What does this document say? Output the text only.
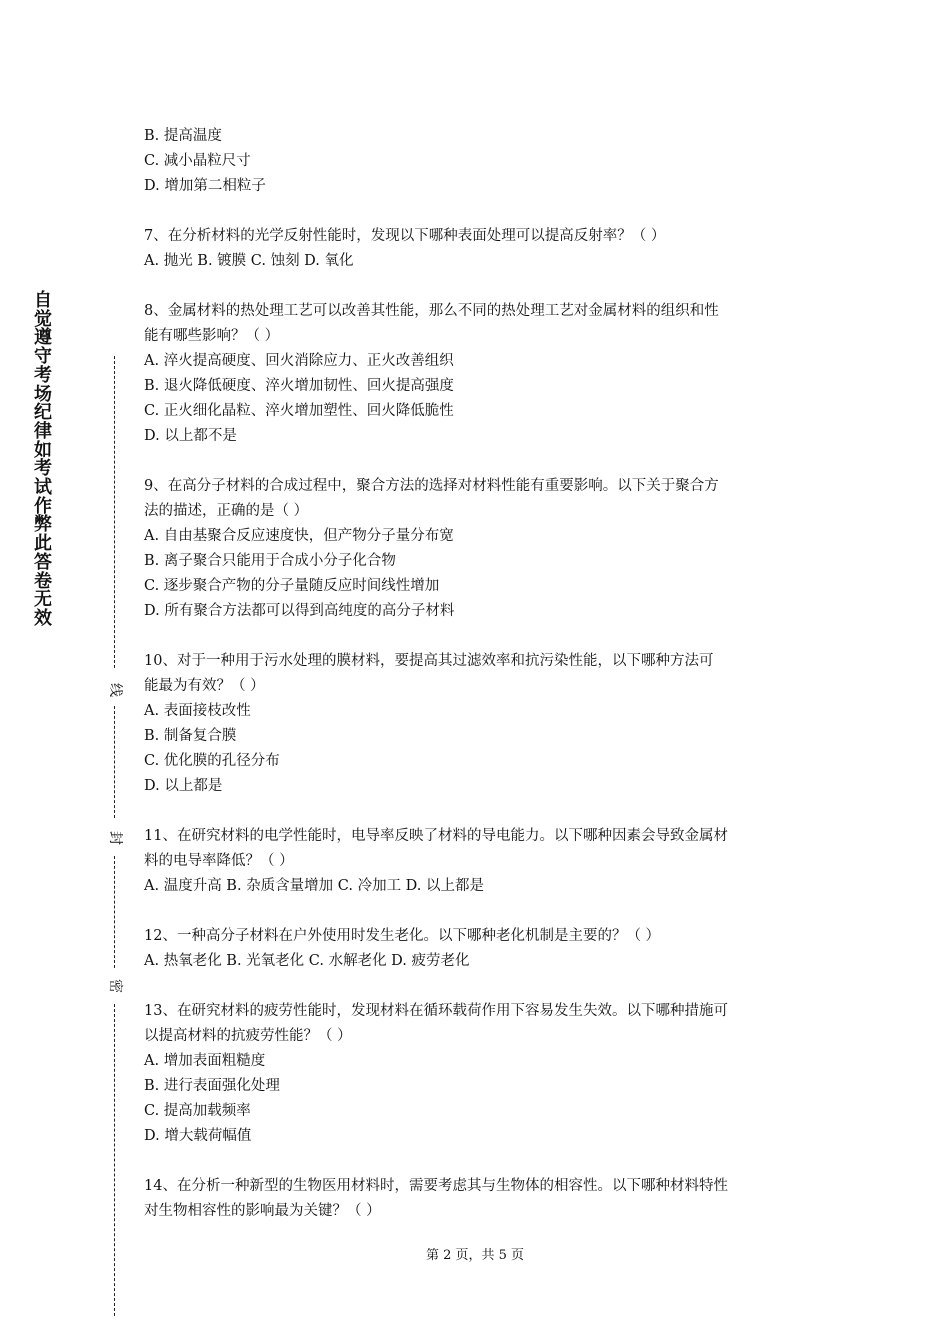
自
觉
遵
守
考
场
纪
律
如
考
试
作
弊
此
答
卷
无
效
线
封
密
B. 提高温度
C. 减小晶粒尺寸
D. 增加第二相粒子
7、在分析材料的光学反射性能时，发现以下哪种表面处理可以提高反射率？（ ）
A. 抛光 B. 镀膜 C. 蚀刻 D. 氧化
8、金属材料的热处理工艺可以改善其性能，那么不同的热处理工艺对金属材料的组织和性
能有哪些影响？（ ）
A. 淬火提高硬度、回火消除应力、正火改善组织
B. 退火降低硬度、淬火增加韧性、回火提高强度
C. 正火细化晶粒、淬火增加塑性、回火降低脆性
D. 以上都不是
9、在高分子材料的合成过程中，聚合方法的选择对材料性能有重要影响。以下关于聚合方
法的描述，正确的是（ ）
A. 自由基聚合反应速度快，但产物分子量分布宽
B. 离子聚合只能用于合成小分子化合物
C. 逐步聚合产物的分子量随反应时间线性增加
D. 所有聚合方法都可以得到高纯度的高分子材料
10、对于一种用于污水处理的膜材料，要提高其过滤效率和抗污染性能，以下哪种方法可
能最为有效？（ ）
A. 表面接枝改性
B. 制备复合膜
C. 优化膜的孔径分布
D. 以上都是
11、在研究材料的电学性能时，电导率反映了材料的导电能力。以下哪种因素会导致金属材
料的电导率降低？（ ）
A. 温度升高 B. 杂质含量增加 C. 冷加工 D. 以上都是
12、一种高分子材料在户外使用时发生老化。以下哪种老化机制是主要的？（ ）
A. 热氧老化 B. 光氧老化 C. 水解老化 D. 疲劳老化
13、在研究材料的疲劳性能时，发现材料在循环载荷作用下容易发生失效。以下哪种措施可
以提高材料的抗疲劳性能？（ ）
A. 增加表面粗糙度
B. 进行表面强化处理
C. 提高加载频率
D. 增大载荷幅值
14、在分析一种新型的生物医用材料时，需要考虑其与生物体的相容性。以下哪种材料特性
对生物相容性的影响最为关键？（ ）
第 2 页，共 5 页
